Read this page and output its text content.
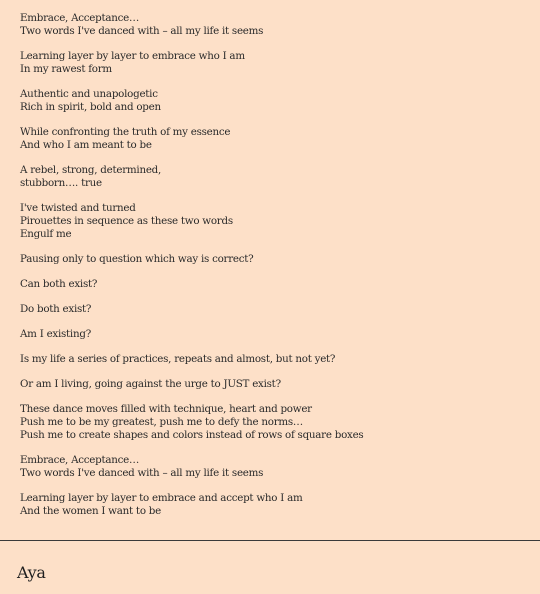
Embrace, Acceptance…
Two words I've danced with – all my life it seems
Learning layer by layer to embrace who I am
In my rawest form
Authentic and unapologetic
Rich in spirit, bold and open
While confronting the truth of my essence
And who I am meant to be
A rebel, strong, determined,
stubborn…. true
I've twisted and turned
Pirouettes in sequence as these two words
Engulf me
Pausing only to question which way is correct?
Can both exist?
Do both exist?
Am I existing?
Is my life a series of practices, repeats and almost, but not yet?
Or am I living, going against the urge to JUST exist?
These dance moves filled with technique, heart and power
Push me to be my greatest, push me to defy the norms…
Push me to create shapes and colors instead of rows of square boxes
Embrace, Acceptance…
Two words I've danced with – all my life it seems
Learning layer by layer to embrace and accept who I am
And the women I want to be
Aya
